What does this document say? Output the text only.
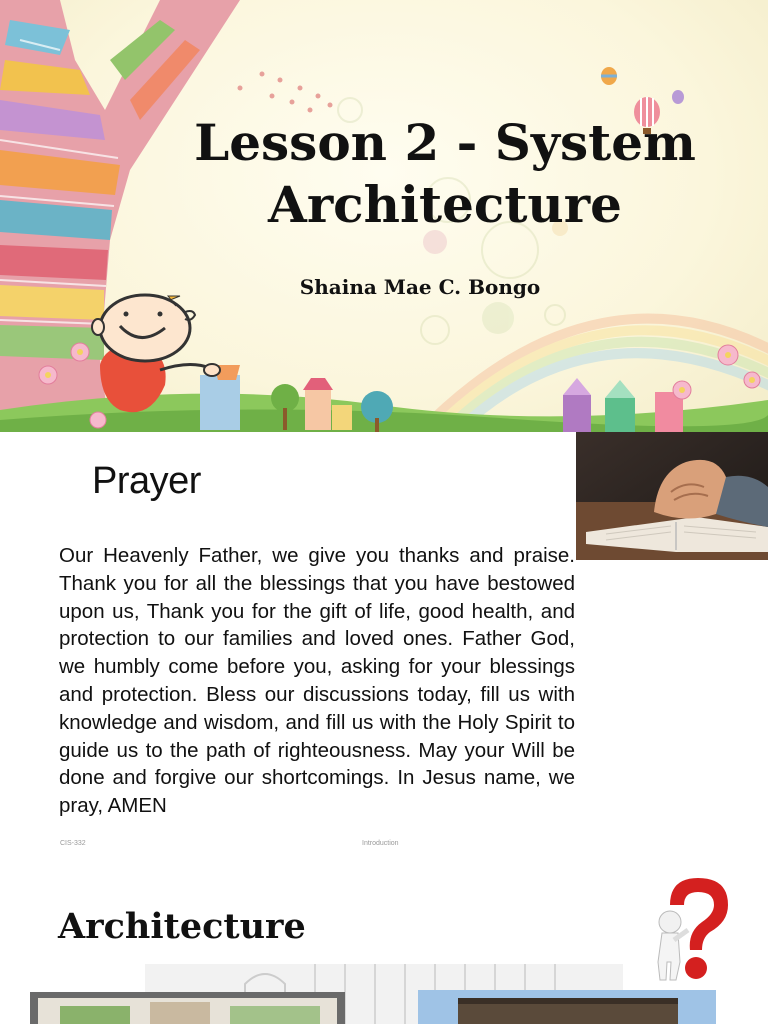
Lesson 2 - System Architecture
Shaina Mae C. Bongo
Prayer
Our Heavenly Father, we give you thanks and praise. Thank you for all the blessings that you have bestowed upon us, Thank you for the gift of life, good health, and protection to our families and loved ones. Father God, we humbly come before you, asking for your blessings and protection. Bless our discussions today, fill us with knowledge and wisdom, and fill us with the Holy Spirit to guide us to the path of righteousness. May your Will be done and forgive our shortcomings. In Jesus name, we pray, AMEN
CIS-332	Introduction
Architecture
